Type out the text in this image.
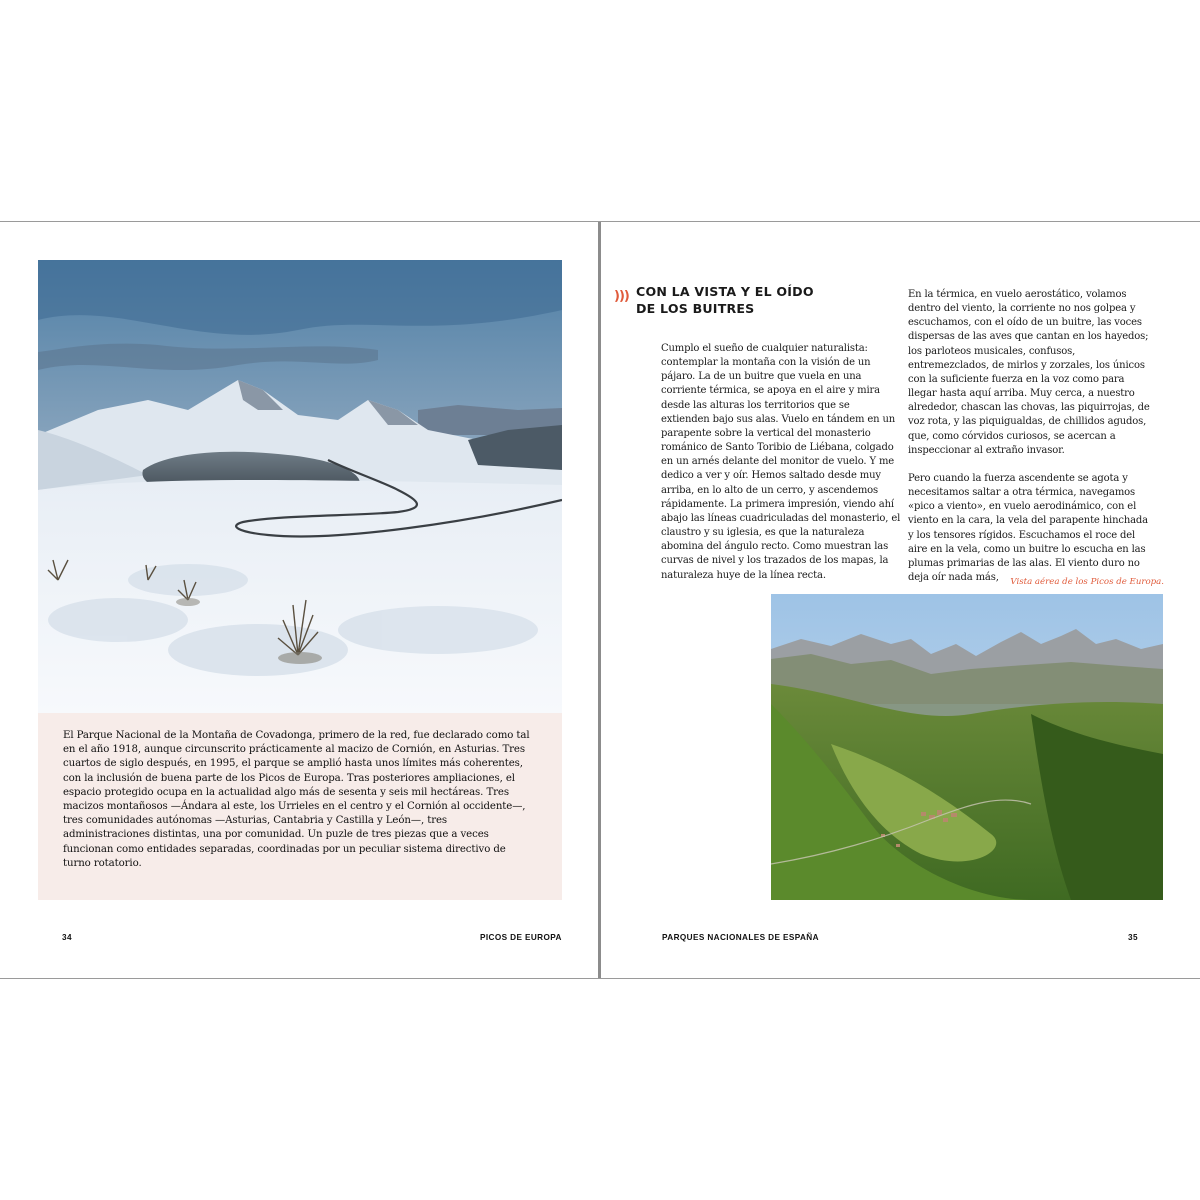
El Parque Nacional de la Montaña de Covadonga, primero de la red, fue declarado como tal en el año 1918, aunque circunscrito prácticamente al macizo de Cornión, en Asturias. Tres cuartos de siglo después, en 1995, el parque se amplió hasta unos límites más coherentes, con la inclusión de buena parte de los Picos de Europa. Tras posteriores ampliaciones, el espacio protegido ocupa en la actualidad algo más de sesenta y seis mil hectáreas. Tres macizos montañosos —Ándara al este, los Urrieles en el centro y el Cornión al occidente—, tres comunidades autónomas —Asturias, Cantabria y Castilla y León—, tres administraciones distintas, una por comunidad. Un puzle de tres piezas que a veces funcionan como entidades separadas, coordinadas por un peculiar sistema directivo de turno rotatorio.

34	PICOS DE EUROPA
))) CON LA VISTA Y EL OÍDO
DE LOS BUITRES

Cumplo el sueño de cualquier naturalista: contemplar la montaña con la visión de un pájaro. La de un buitre que vuela en una corriente térmica, se apoya en el aire y mira desde las alturas los territorios que se extienden bajo sus alas. Vuelo en tándem en un parapente sobre la vertical del monasterio románico de Santo Toribio de Liébana, colgado en un arnés delante del monitor de vuelo. Y me dedico a ver y oír. Hemos saltado desde muy arriba, en lo alto de un cerro, y ascendemos rápidamente. La primera impresión, viendo ahí abajo las líneas cuadriculadas del monasterio, el claustro y su iglesia, es que la naturaleza abomina del ángulo recto. Como muestran las curvas de nivel y los trazados de los mapas, la naturaleza huye de la línea recta.

En la térmica, en vuelo aerostático, volamos dentro del viento, la corriente no nos golpea y escuchamos, con el oído de un buitre, las voces dispersas de las aves que cantan en los hayedos; los parloteos musicales, confusos, entremezclados, de mirlos y zorzales, los únicos con la suficiente fuerza en la voz como para llegar hasta aquí arriba. Muy cerca, a nuestro alrededor, chascan las chovas, las piquirrojas, de voz rota, y las piquigualdas, de chillidos agudos, que, como córvidos curiosos, se acercan a inspeccionar al extraño invasor.

Pero cuando la fuerza ascendente se agota y necesitamos saltar a otra térmica, navegamos «pico a viento», en vuelo aerodinámico, con el viento en la cara, la vela del parapente hinchada y los tensores rígidos. Escuchamos el roce del aire en la vela, como un buitre lo escucha en las plumas primarias de las alas. El viento duro no deja oír nada más,	Vista aérea de los Picos de Europa.
PARQUES NACIONALES DE ESPAÑA	35
